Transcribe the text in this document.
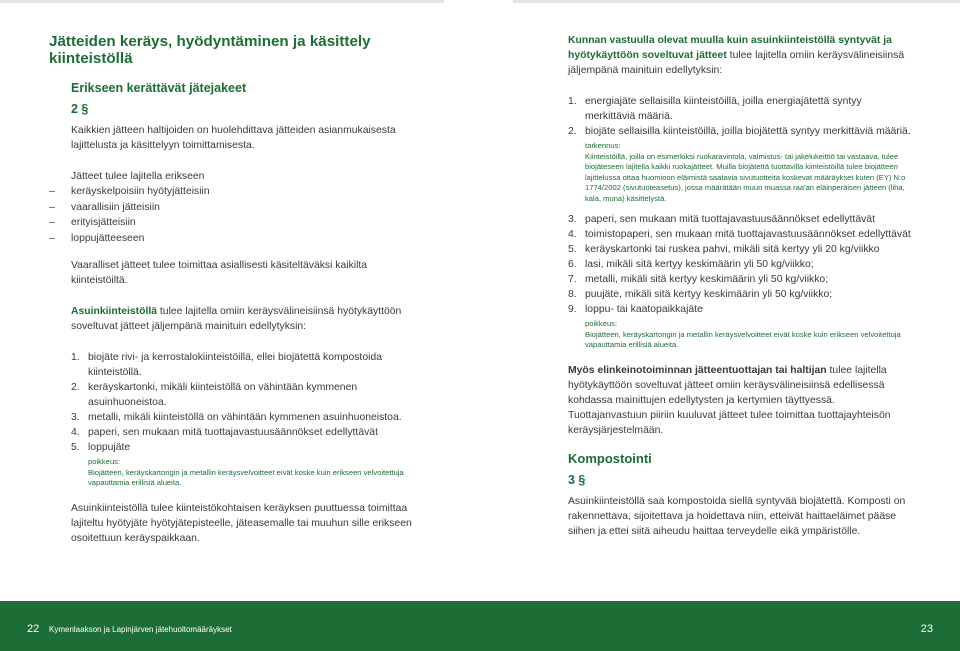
Jätteiden keräys, hyödyntäminen ja käsittely kiinteistöllä
Erikseen kerättävät jätejakeet
2 §
Kaikkien jätteen haltijoiden on huolehdittava jätteiden asianmukaisesta lajittelusta ja käsittelyyn toimittamisesta.
Jätteet tulee lajitella erikseen
– keräyskelpoisiin hyötyjätteisiin
– vaarallisiin jätteisiin
– erityisjätteisiin
– loppujätteeseen
Vaaralliset jätteet tulee toimittaa asiallisesti käsiteltäväksi kaikilta kiinteistöiltä.
Asuinkiinteistöllä tulee lajitella omiin keräysvälineisiinsä hyötykäyttöön soveltuvat jätteet jäljempänä mainituin edellytyksin:
1. biojäte rivi- ja kerrostalokiinteistöillä, ellei biojätettä kompostoida kiinteistöllä.
2. keräyskartonki, mikäli kiinteistöllä on vähintään kymmenen asuinhuoneistoa.
3. metalli, mikäli kiinteistöllä on vähintään kymmenen asuinhuoneistoa.
4. paperi, sen mukaan mitä tuottajavastuusäännökset edellyttävät
5. loppujäte
poikkeus:
Biojätteen, keräyskartongin ja metallin keräysvelvoitteet eivät koske kuin erikseen velvoitettuja vapauttamia erillisiä alueita.
Asuinkiinteistöllä tulee kiinteistökohtaisen keräyksen puuttuessa toimittaa lajiteltu hyötyjäte hyötyjätepisteelle, jäteasemalle tai muuhun sille erikseen osoitettuun keräyspaikkaan.
Kunnan vastuulla olevat muulla kuin asuinkiinteistöllä syntyvät ja hyötykäyttöön soveltuvat jätteet tulee lajitella omiin keräysvälineisiinsä jäljempänä mainituin edellytyksin:
1. energiajäte sellaisilla kiinteistöillä, joilla energiajätettä syntyy merkittäviä määriä.
2. biojäte sellaisilla kiinteistöillä, joilla biojätettä syntyy merkittäviä määriä.
tarkennus:
Kiinteistöillä, joilla on esimerkiksi ruokaravintola, valmistus- tai jakelukeittiö tai vastaava, tulee biojäteseen lajitella kaikki ruokajätteet. Muilla biojätettä tuottavilla kiinteistöillä tulee biojätteen lajittelussa ottaa huomioon eläimistä saatavia sivutuotteita koskevat määräykset kuten (EY) N:o 1774/2002 (sivutuoteasetus), jossa määrätään muun muassa raa'an eläinperäisen jätteen (liha, kala, muna) käsittelystä.
3. paperi, sen mukaan mitä tuottajavastuusäännökset edellyttävät
4. toimistopaperi, sen mukaan mitä tuottajavastuusäännökset edellyttävät
5. keräyskartonki tai ruskea pahvi, mikäli sitä kertyy yli 20 kg/viikko
6. lasi, mikäli sitä kertyy keskimäärin yli 50 kg/viikko;
7. metalli, mikäli sitä kertyy keskimäärin yli 50 kg/viikko;
8. puujäte, mikäli sitä kertyy keskimäärin yli 50 kg/viikko;
9. loppu- tai kaatopaikkajäte
poikkeus:
Biojätteen, keräyskartongin ja metallin keräysvelvoitteet eivät koske kuin erikseen velvoitettuja vapauttamia erillisiä alueita.
Myös elinkeinotoiminnan jätteentuottajan tai haltijan tulee lajitella hyötykäyttöön soveltuvat jätteet omiin keräysvälineisiinsä edellisessä kohdassa mainittujen edellytysten ja kertymien täyttyessä. Tuottajanvastuun piiriin kuuluvat jätteet tulee toimittaa tuottajayhteisön keräysjärjestelmään.
Kompostointi
3 §
Asuinkiinteistöllä saa kompostoida siellä syntyvää biojätettä. Komposti on rakennettava, sijoitettava ja hoidettava niin, etteivät haittaeläimet pääse siihen ja ettei siitä aiheudu haittaa terveydelle eikä ympäristölle.
22 Kymenlaakson ja Lapinjärven jätehuoltomääräykset	23
